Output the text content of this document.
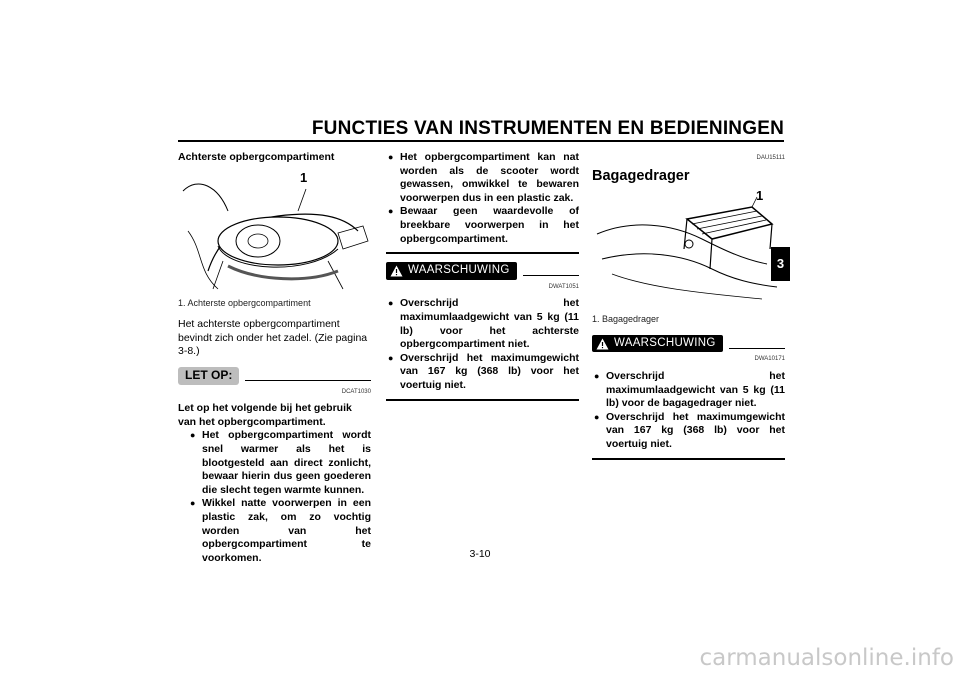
FUNCTIES VAN INSTRUMENTEN EN BEDIENINGEN
3
Achterste opbergcompartiment
1
1. Achterste opbergcompartiment

Het achterste opbergcompartiment bevindt zich onder het zadel. (Zie pagina 3-8.)

LET OP:
DCAT1030

Let op het volgende bij het gebruik van het opbergcompartiment.

● Het opbergcompartiment wordt snel warmer als het is blootgesteld aan direct zonlicht, bewaar hierin dus geen goederen die slecht tegen warmte kunnen.
● Wikkel natte voorwerpen in een plastic zak, om zo vochtig worden van het opbergcompartiment te voorkomen.
● Het opbergcompartiment kan nat worden als de scooter wordt gewassen, omwikkel te bewaren voorwerpen dus in een plastic zak.
● Bewaar geen waardevolle of breekbare voorwerpen in het opbergcompartiment.
WAARSCHUWING
DWAT1051
● Overschrijd het maximumlaadgewicht van 5 kg (11 lb) voor het achterste opbergcompartiment niet.
● Overschrijd het maximumgewicht van 167 kg (368 lb) voor het voertuig niet.
DAU15111
Bagagedrager
1
1. Bagagedrager
WAARSCHUWING
DWA10171
● Overschrijd het maximumlaadgewicht van 5 kg (11 lb) voor de bagagedrager niet.
● Overschrijd het maximumgewicht van 167 kg (368 lb) voor het voertuig niet.
3-10
carmanualsonline.info
